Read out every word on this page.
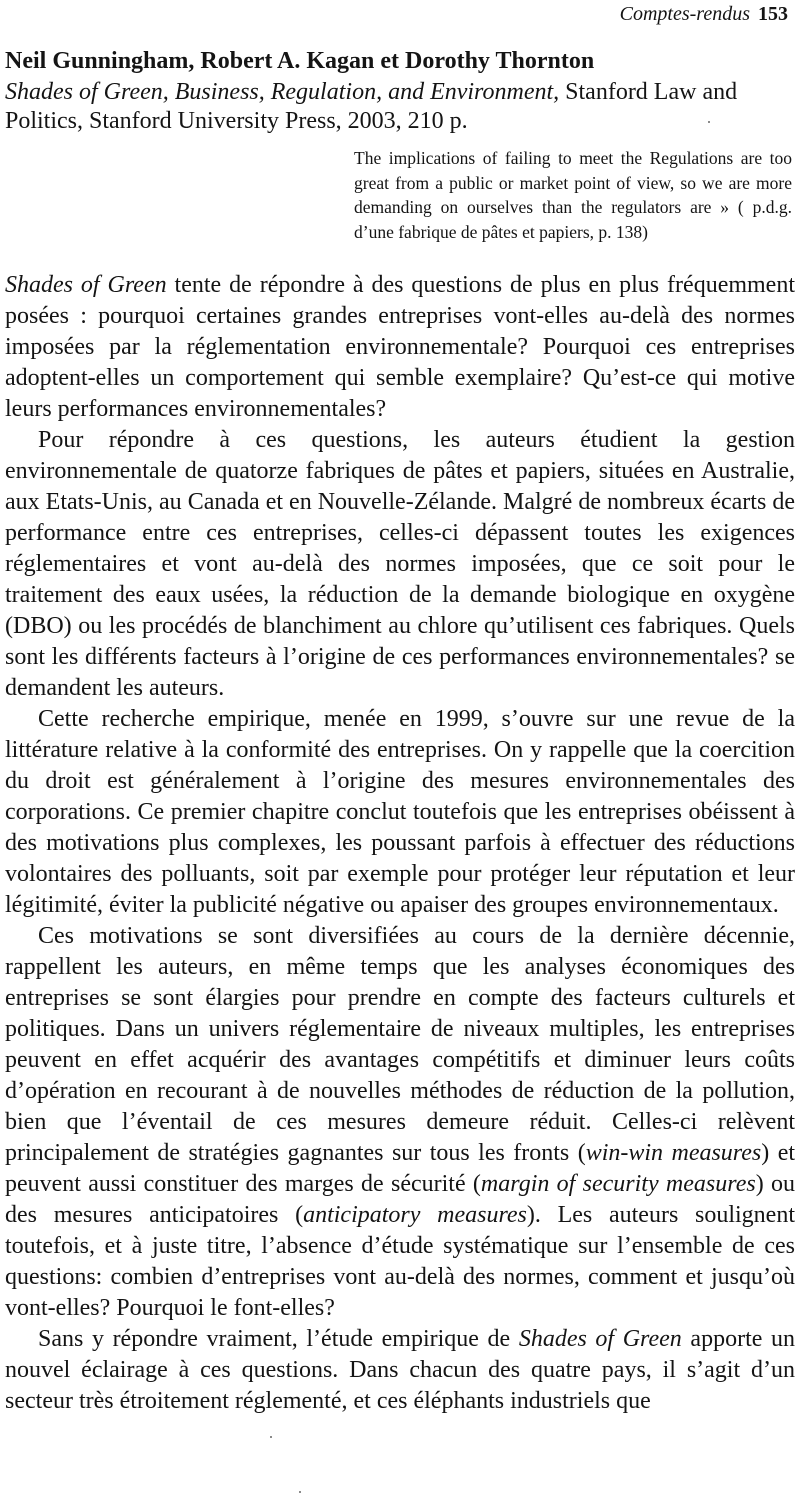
Comptes-rendus 153

Neil Gunningham, Robert A. Kagan et Dorothy Thornton

Shades of Green, Business, Regulation, and Environment, Stanford Law and Politics, Stanford University Press, 2003, 210 p.

The implications of failing to meet the Regulations are too great from a public or market point of view, so we are more demanding on ourselves than the regulators are » ( p.d.g. d’une fabrique de pâtes et papiers, p. 138)

Shades of Green tente de répondre à des questions de plus en plus fréquemment posées : pourquoi certaines grandes entreprises vont-elles au-delà des normes imposées par la réglementation environnementale? Pourquoi ces entreprises adoptent-elles un comportement qui semble exemplaire? Qu’est-ce qui motive leurs performances environnementales?

Pour répondre à ces questions, les auteurs étudient la gestion environnementale de quatorze fabriques de pâtes et papiers, situées en Australie, aux Etats-Unis, au Canada et en Nouvelle-Zélande. Malgré de nombreux écarts de performance entre ces entreprises, celles-ci dépassent toutes les exigences réglementaires et vont au-delà des normes imposées, que ce soit pour le traitement des eaux usées, la réduction de la demande biologique en oxygène (DBO) ou les procédés de blanchiment au chlore qu’utilisent ces fabriques. Quels sont les différents facteurs à l’origine de ces performances environnementales? se demandent les auteurs.

Cette recherche empirique, menée en 1999, s’ouvre sur une revue de la littérature relative à la conformité des entreprises. On y rappelle que la coercition du droit est généralement à l’origine des mesures environnementales des corporations. Ce premier chapitre conclut toutefois que les entreprises obéissent à des motivations plus complexes, les poussant parfois à effectuer des réductions volontaires des polluants, soit par exemple pour protéger leur réputation et leur légitimité, éviter la publicité négative ou apaiser des groupes environnementaux.

Ces motivations se sont diversifiées au cours de la dernière décennie, rappellent les auteurs, en même temps que les analyses économiques des entreprises se sont élargies pour prendre en compte des facteurs culturels et politiques. Dans un univers réglementaire de niveaux multiples, les entreprises peuvent en effet acquérir des avantages compétitifs et diminuer leurs coûts d’opération en recourant à de nouvelles méthodes de réduction de la pollution, bien que l’éventail de ces mesures demeure réduit. Celles-ci relèvent principalement de stratégies gagnantes sur tous les fronts (win-win measures) et peuvent aussi constituer des marges de sécurité (margin of security measures) ou des mesures anticipatoires (anticipatory measures). Les auteurs soulignent toutefois, et à juste titre, l’absence d’étude systématique sur l’ensemble de ces questions: combien d’entreprises vont au-delà des normes, comment et jusqu’où vont-elles? Pourquoi le font-elles?

Sans y répondre vraiment, l’étude empirique de Shades of Green apporte un nouvel éclairage à ces questions. Dans chacun des quatre pays, il s’agit d’un secteur très étroitement réglementé, et ces éléphants industriels que
